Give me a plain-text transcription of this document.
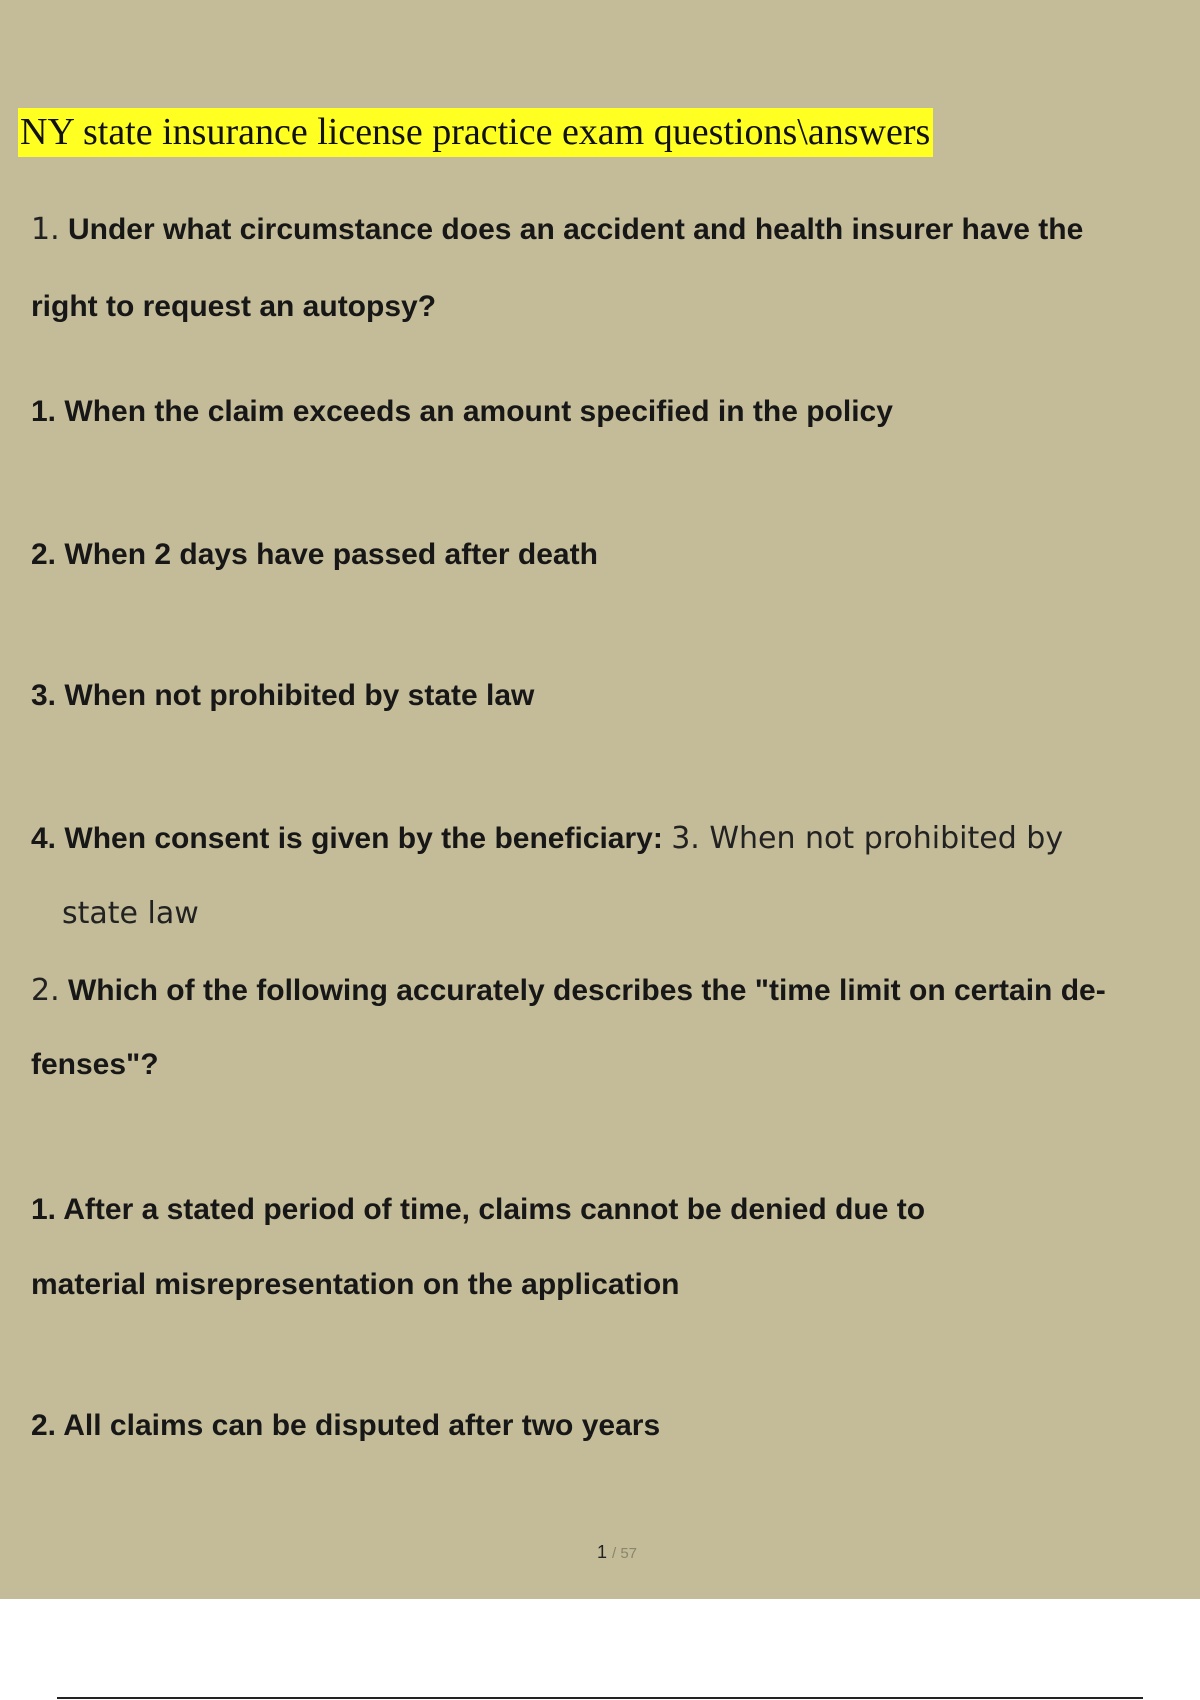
NY state insurance license practice exam questions\answers
1. Under what circumstance does an accident and health insurer have the
right to request an autopsy?
1. When the claim exceeds an amount specified in the policy
2. When 2 days have passed after death
3. When not prohibited by state law
4. When consent is given by the beneficiary: 3. When not prohibited by
state law
2. Which of the following accurately describes the "time limit on certain de-
fenses"?
1. After a stated period of time, claims cannot be denied due to
material misrepresentation on the application
2. All claims can be disputed after two years
1 / 57
